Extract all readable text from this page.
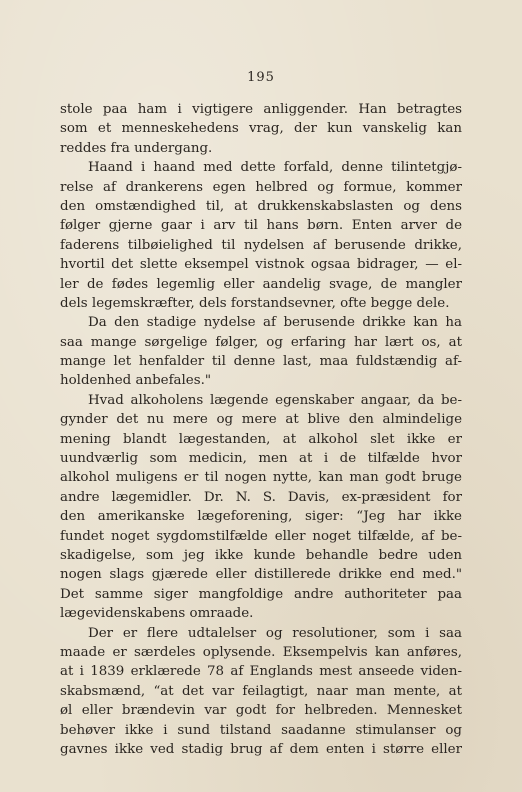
195
stole paa ham i vigtigere anliggender. Han betragtes
som et menneskehedens vrag, der kun vanskelig kan
reddes fra undergang.
Haand i haand med dette forfald, denne tilintetgjø-
relse af drankerens egen helbred og formue, kommer
den omstændighed til, at drukkenskabslasten og dens
følger gjerne gaar i arv til hans børn. Enten arver de
faderens tilbøielighed til nydelsen af berusende drikke,
hvortil det slette eksempel vistnok ogsaa bidrager, — el-
ler de fødes legemlig eller aandelig svage, de mangler
dels legemskræfter, dels forstandsevner, ofte begge dele.
Da den stadige nydelse af berusende drikke kan ha
saa mange sørgelige følger, og erfaring har lært os, at
mange let henfalder til denne last, maa fuldstændig af-
holdenhed anbefales."
Hvad alkoholens lægende egenskaber angaar, da be-
gynder det nu mere og mere at blive den almindelige
mening blandt lægestanden, at alkohol slet ikke er
uundværlig som medicin, men at i de tilfælde hvor
alkohol muligens er til nogen nytte, kan man godt bruge
andre lægemidler. Dr. N. S. Davis, ex-præsident for
den amerikanske lægeforening, siger: “Jeg har ikke
fundet noget sygdomstilfælde eller noget tilfælde, af be-
skadigelse, som jeg ikke kunde behandle bedre uden
nogen slags gjærede eller distillerede drikke end med."
Det samme siger mangfoldige andre authoriteter paa
lægevidenskabens omraade.
Der er flere udtalelser og resolutioner, som i saa
maade er særdeles oplysende. Eksempelvis kan anføres,
at i 1839 erklærede 78 af Englands mest anseede viden-
skabsmænd, “at det var feilagtigt, naar man mente, at
øl eller brændevin var godt for helbreden. Mennesket
behøver ikke i sund tilstand saadanne stimulanser og
gavnes ikke ved stadig brug af dem enten i større eller
